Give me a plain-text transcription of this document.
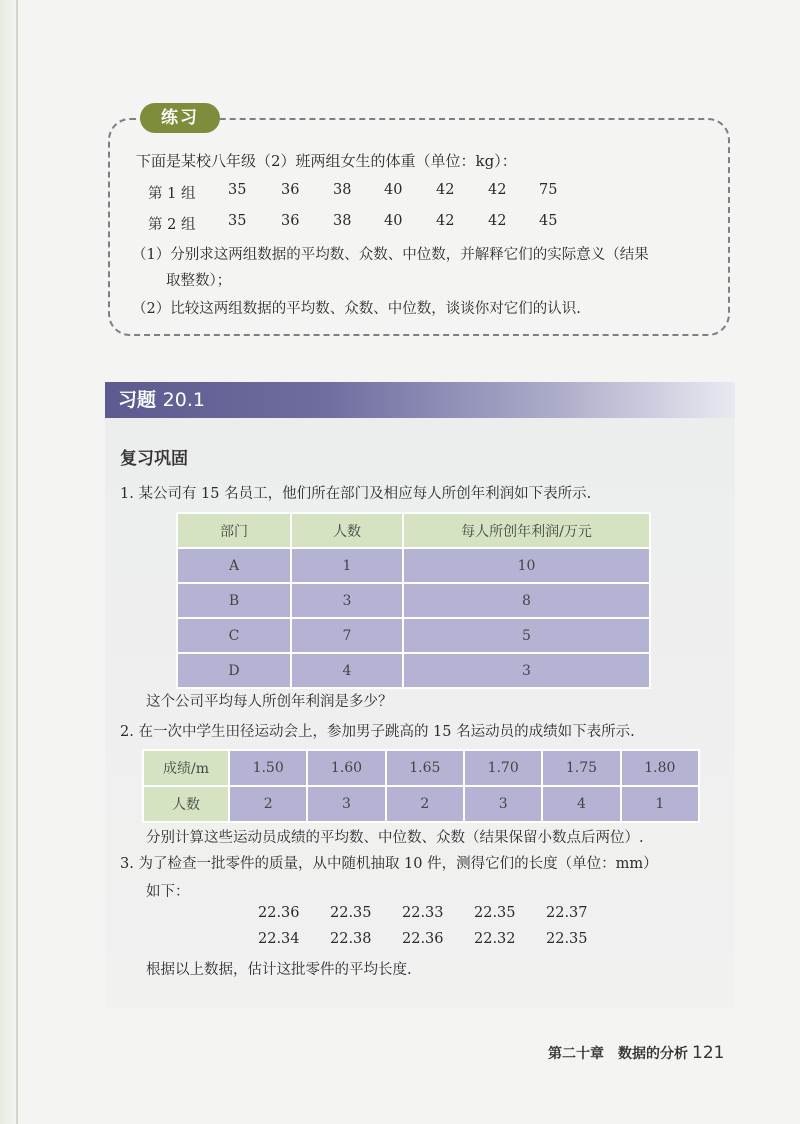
练习
下面是某校八年级（2）班两组女生的体重（单位：kg）：
第 1 组 35 36 38 40 42 42 75
第 2 组 35 36 38 40 42 42 45
（1）分别求这两组数据的平均数、众数、中位数，并解释它们的实际意义（结果
取整数）；
（2）比较这两组数据的平均数、众数、中位数，谈谈你对它们的认识.
习题 20.1
复习巩固
1. 某公司有 15 名员工，他们所在部门及相应每人所创年利润如下表所示.
部门	人数	每人所创年利润/万元
A	1	10
B	3	8
C	7	5
D	4	3
这个公司平均每人所创年利润是多少？
2. 在一次中学生田径运动会上，参加男子跳高的 15 名运动员的成绩如下表所示.
成绩/m	1.50	1.60	1.65	1.70	1.75	1.80
人数	2	3	2	3	4	1
分别计算这些运动员成绩的平均数、中位数、众数（结果保留小数点后两位）.
3. 为了检查一批零件的质量，从中随机抽取 10 件，测得它们的长度（单位：mm）
如下：
22.36 22.35 22.33 22.35 22.37
22.34 22.38 22.36 22.32 22.35
根据以上数据，估计这批零件的平均长度.
第二十章　数据的分析 121
